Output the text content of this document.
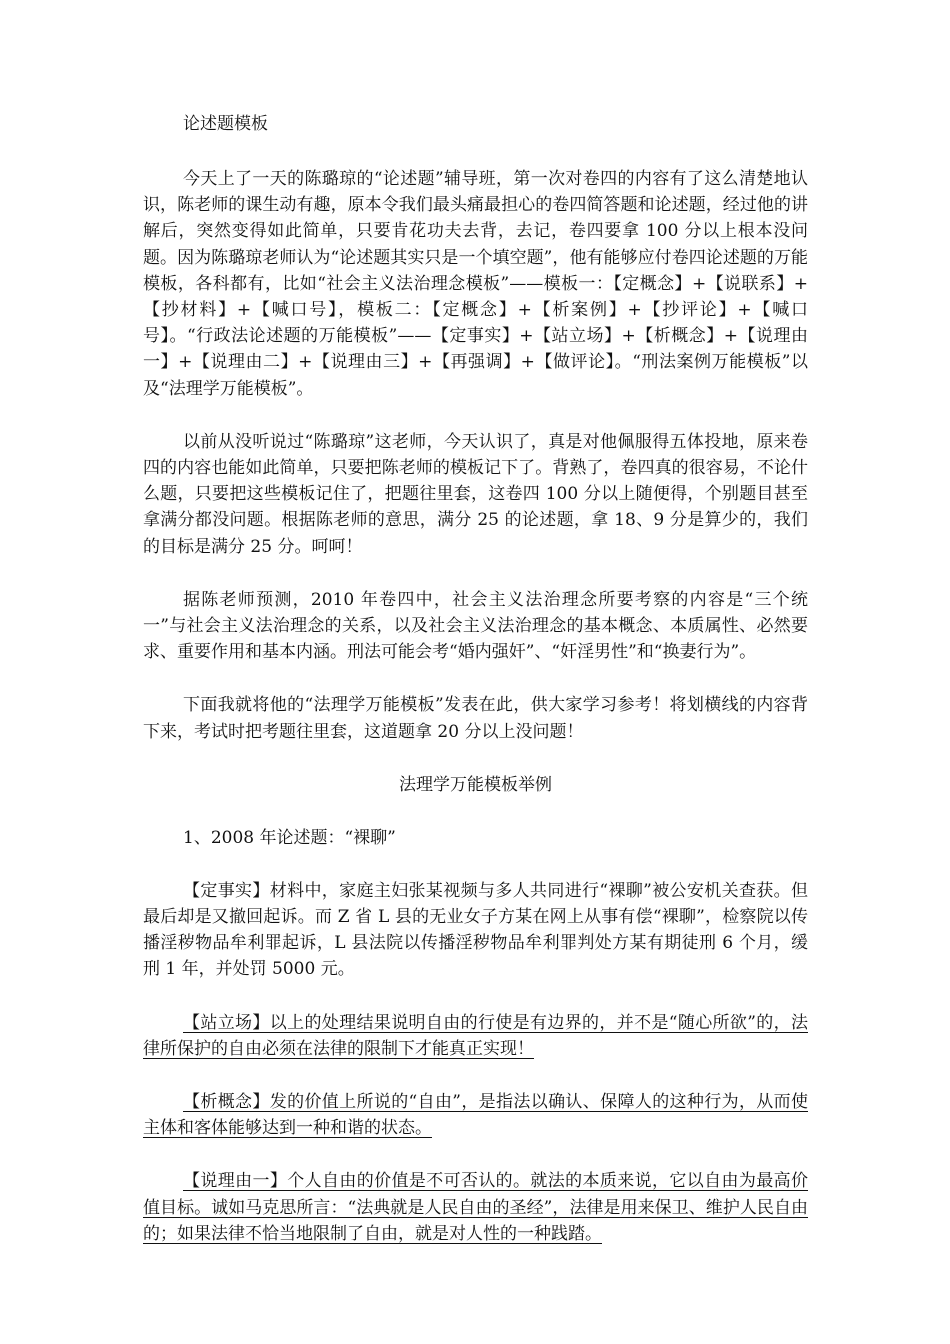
论述题模板

今天上了一天的陈璐琼的“论述题”辅导班，第一次对卷四的内容有了这么清楚地认识，陈老师的课生动有趣，原本令我们最头痛最担心的卷四简答题和论述题，经过他的讲解后，突然变得如此简单，只要肯花功夫去背，去记，卷四要拿 100 分以上根本没问题。因为陈璐琼老师认为“论述题其实只是一个填空题”，他有能够应付卷四论述题的万能模板，各科都有，比如“社会主义法治理念模板”——模板一：【定概念】+【说联系】+【抄材料】+【喊口号】，模板二：【定概念】+【析案例】+【抄评论】+【喊口号】。“行政法论述题的万能模板”——【定事实】+【站立场】+【析概念】+【说理由一】+【说理由二】+【说理由三】+【再强调】+【做评论】。“刑法案例万能模板”以及“法理学万能模板”。

以前从没听说过“陈璐琼”这老师，今天认识了，真是对他佩服得五体投地，原来卷四的内容也能如此简单，只要把陈老师的模板记下了。背熟了，卷四真的很容易，不论什么题，只要把这些模板记住了，把题往里套，这卷四 100 分以上随便得，个别题目甚至拿满分都没问题。根据陈老师的意思，满分 25 的论述题，拿 18、9 分是算少的，我们的目标是满分 25 分。呵呵！

据陈老师预测，2010 年卷四中，社会主义法治理念所要考察的内容是“三个统一”与社会主义法治理念的关系，以及社会主义法治理念的基本概念、本质属性、必然要求、重要作用和基本内涵。刑法可能会考“婚内强奸”、“奸淫男性”和“换妻行为”。

下面我就将他的“法理学万能模板”发表在此，供大家学习参考！将划横线的内容背下来，考试时把考题往里套，这道题拿 20 分以上没问题！

法理学万能模板举例
1、2008 年论述题：“裸聊”

【定事实】材料中，家庭主妇张某视频与多人共同进行“裸聊”被公安机关查获。但最后却是又撤回起诉。而 Z 省 L 县的无业女子方某在网上从事有偿“裸聊”，检察院以传播淫秽物品牟利罪起诉，L 县法院以传播淫秽物品牟利罪判处方某有期徒刑 6 个月，缓刑 1 年，并处罚 5000 元。

【站立场】以上的处理结果说明自由的行使是有边界的，并不是“随心所欲”的，法律所保护的自由必须在法律的限制下才能真正实现！

【析概念】发的价值上所说的“自由”，是指法以确认、保障人的这种行为，从而使主体和客体能够达到一种和谐的状态。

【说理由一】个人自由的价值是不可否认的。就法的本质来说，它以自由为最高价值目标。诚如马克思所言：“法典就是人民自由的圣经”，法律是用来保卫、维护人民自由的；如果法律不恰当地限制了自由，就是对人性的一种践踏。
